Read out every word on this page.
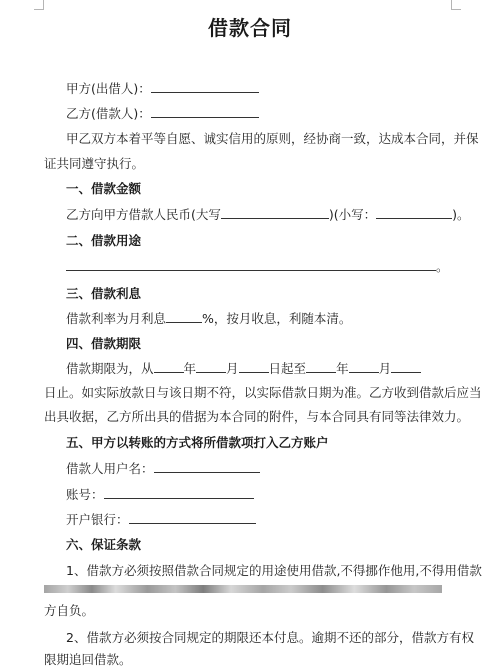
借款合同
甲方(出借人)：
乙方(借款人)：
甲乙双方本着平等自愿、诚实信用的原则，经协商一致，达成本合同，并保
证共同遵守执行。
一、借款金额
乙方向甲方借款人民币(大写	)(小写：	)。
二、借款用途
。
三、借款利息
借款利率为月利息	%，按月收息，利随本清。
四、借款期限
借款期限为，从 年 月 日起至 年 月
日止。如实际放款日与该日期不符，以实际借款日期为准。乙方收到借款后应当
出具收据，乙方所出具的借据为本合同的附件，与本合同具有同等法律效力。
五、甲方以转账的方式将所借款项打入乙方账户
借款人用户名：
账号：
开户银行：
六、保证条款
1、借款方必须按照借款合同规定的用途使用借款,不得挪作他用,不得用借款
方自负。
2、借款方必须按合同规定的期限还本付息。逾期不还的部分，借款方有权
限期追回借款。
